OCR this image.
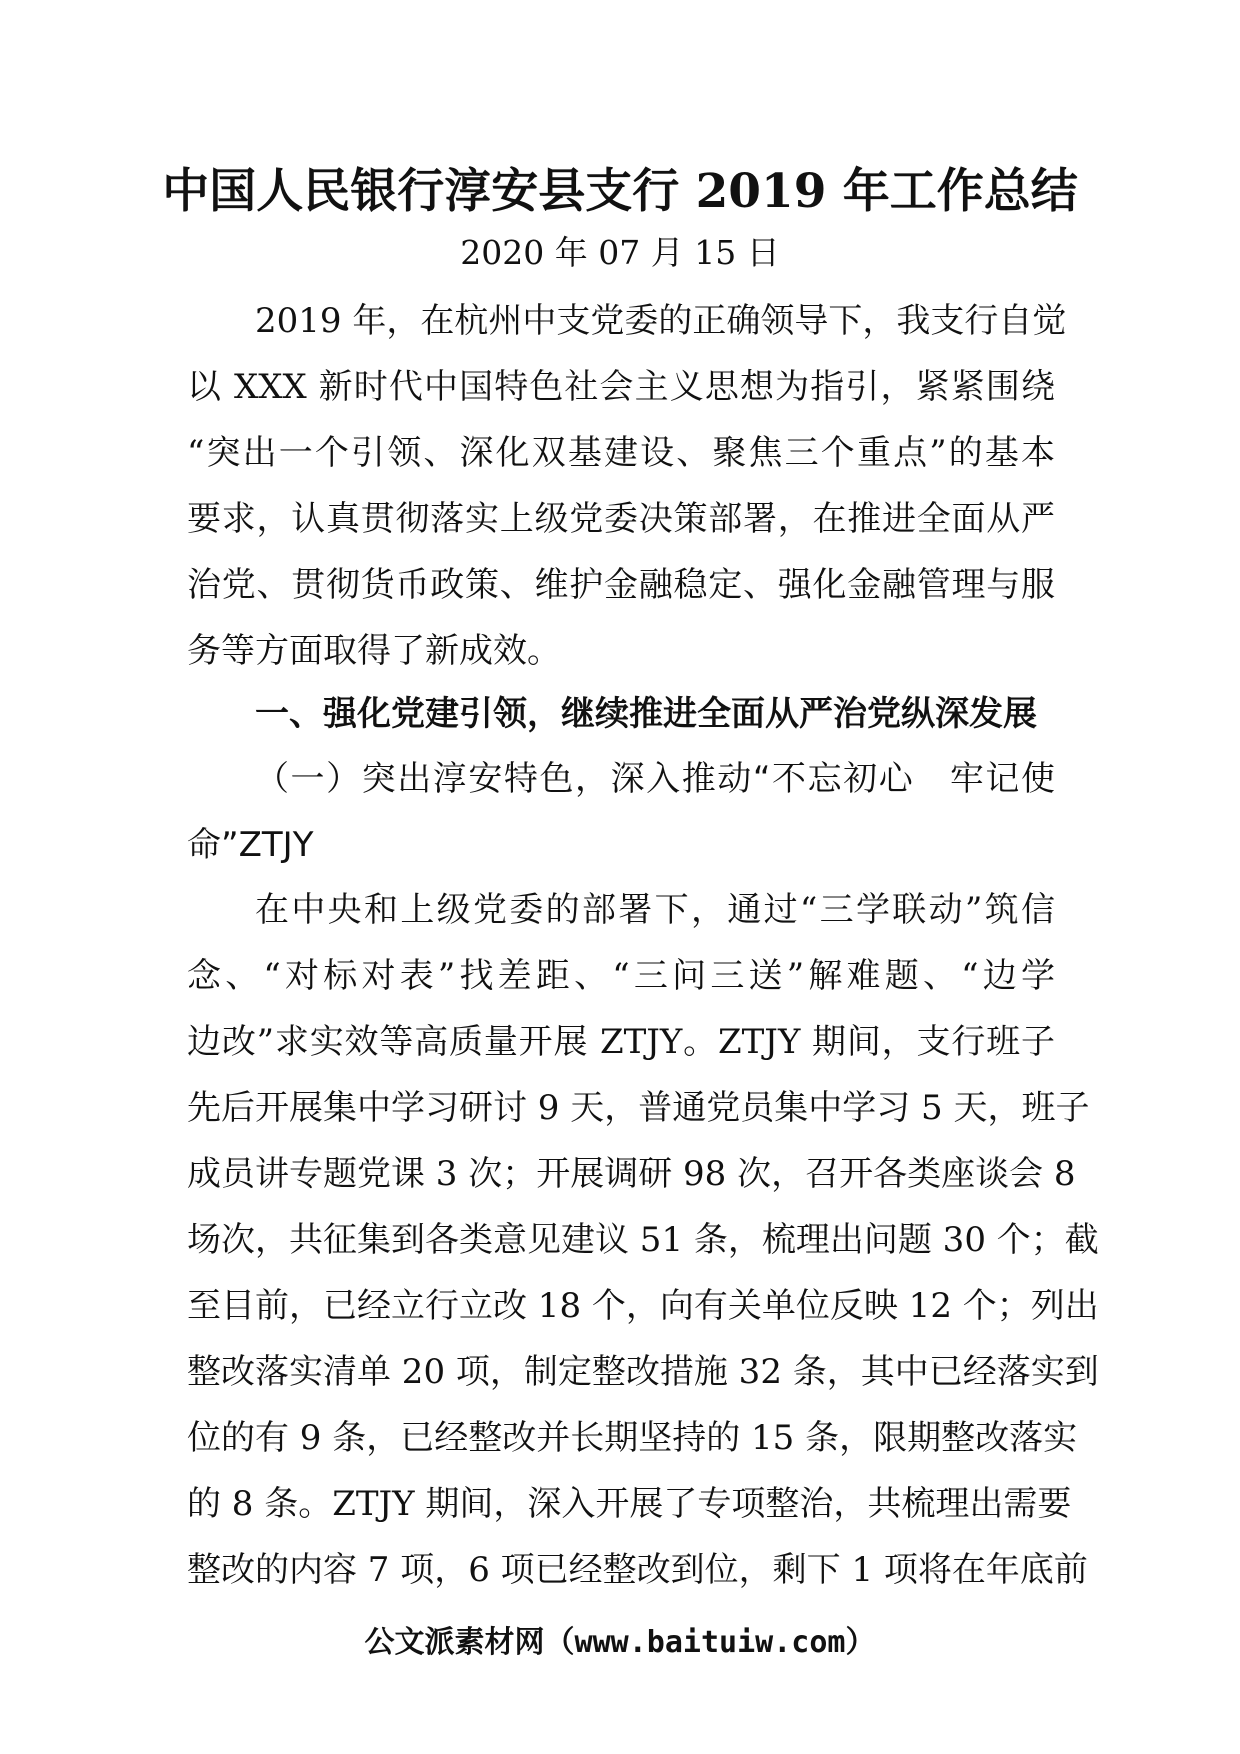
中国人民银行淳安县支行 2019 年工作总结
2020 年 07 月 15 日
2019 年，在杭州中支党委的正确领导下，我支行自觉
以 XXX 新时代中国特色社会主义思想为指引，紧紧围绕
“突出一个引领、深化双基建设、聚焦三个重点”的基本
要求，认真贯彻落实上级党委决策部署，在推进全面从严
治党、贯彻货币政策、维护金融稳定、强化金融管理与服
务等方面取得了新成效。
一、强化党建引领，继续推进全面从严治党纵深发展
（一）突出淳安特色，深入推动“不忘初心　牢记使
命”ZTJY
在中央和上级党委的部署下，通过“三学联动”筑信
念、“对标对表”找差距、“三问三送”解难题、“边学
边改”求实效等高质量开展 ZTJY。ZTJY 期间，支行班子
先后开展集中学习研讨 9 天，普通党员集中学习 5 天，班子
成员讲专题党课 3 次；开展调研 98 次，召开各类座谈会 8
场次，共征集到各类意见建议 51 条，梳理出问题 30 个；截
至目前，已经立行立改 18 个，向有关单位反映 12 个；列出
整改落实清单 20 项，制定整改措施 32 条，其中已经落实到
位的有 9 条，已经整改并长期坚持的 15 条，限期整改落实
的 8 条。ZTJY 期间，深入开展了专项整治，共梳理出需要
整改的内容 7 项，6 项已经整改到位，剩下 1 项将在年底前
公文派素材网（www.baituiw.com）
